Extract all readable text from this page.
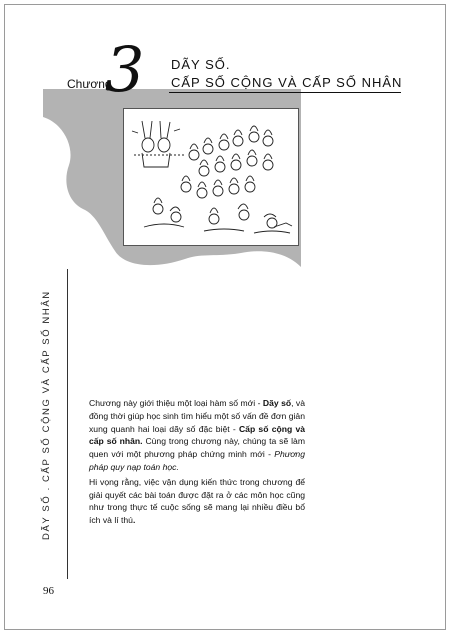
Chương
3 DÃY SỐ.
CẤP SỐ CỘNG VÀ CẤP SỐ NHÂN
DÃY SỐ . CẤP SỐ CỘNG VÀ CẤP SỐ NHÂN	Chương này giới thiệu một loại hàm số mới - Dãy số, và đồng thời giúp học sinh tìm hiểu một số vấn đề đơn giản xung quanh hai loại dãy số đặc biệt - Cấp số cộng và cấp số nhân. Cùng trong chương này, chúng ta sẽ làm quen với một phương pháp chứng minh mới - Phương pháp quy nạp toán học.

Hi vọng rằng, việc vận dụng kiến thức trong chương để giải quyết các bài toán được đặt ra ở các môn học cũng như trong thực tế cuộc sống sẽ mang lại nhiều điều bổ ích và lí thú.

96
